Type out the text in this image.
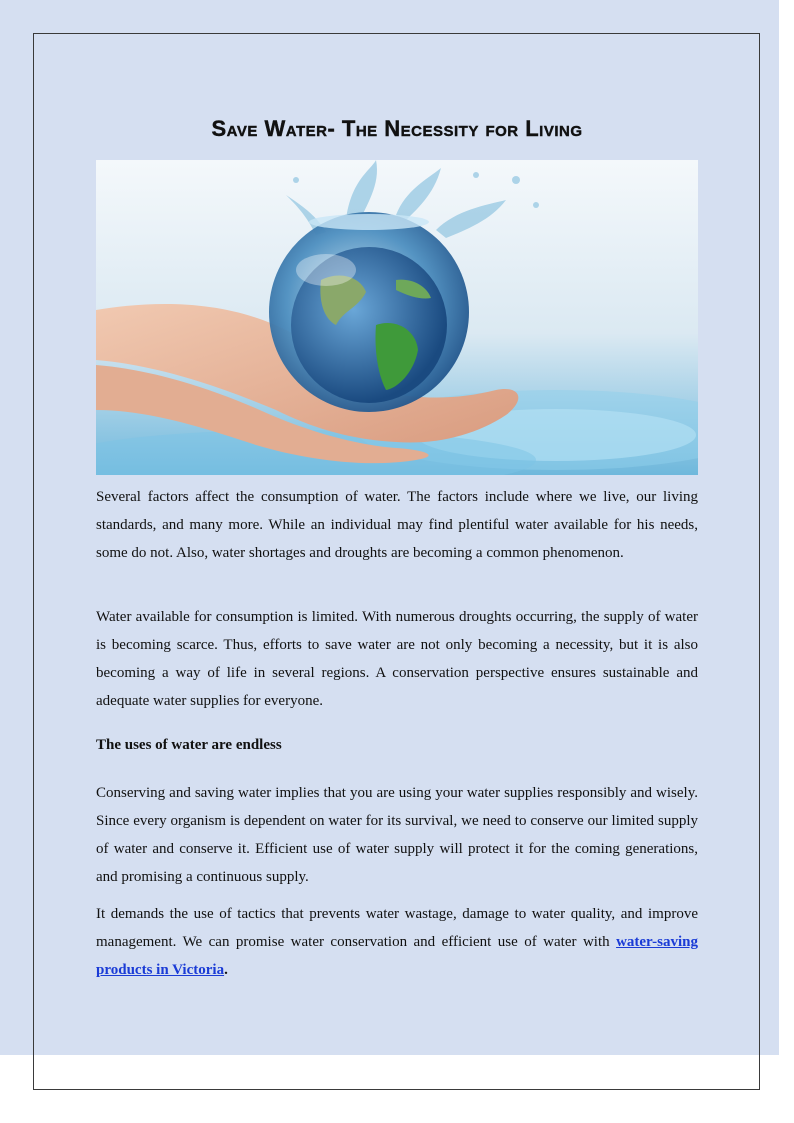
Save Water- The Necessity for Living

Several factors affect the consumption of water. The factors include where we live, our living standards, and many more. While an individual may find plentiful water available for his needs, some do not. Also, water shortages and droughts are becoming a common phenomenon.

Water available for consumption is limited. With numerous droughts occurring, the supply of water is becoming scarce. Thus, efforts to save water are not only becoming a necessity, but it is also becoming a way of life in several regions. A conservation perspective ensures sustainable and adequate water supplies for everyone.

The uses of water are endless

Conserving and saving water implies that you are using your water supplies responsibly and wisely. Since every organism is dependent on water for its survival, we need to conserve our limited supply of water and conserve it. Efficient use of water supply will protect it for the coming generations, and promising a continuous supply.

It demands the use of tactics that prevents water wastage, damage to water quality, and improve management. We can promise water conservation and efficient use of water with water-saving products in Victoria.
